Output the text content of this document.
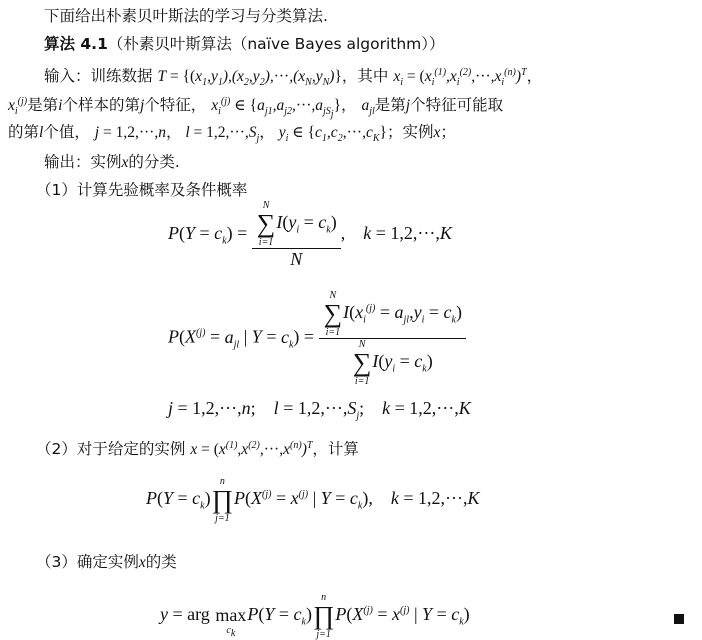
下面给出朴素贝叶斯法的学习与分类算法.
算法 4.1（朴素贝叶斯算法（naïve Bayes algorithm））
输入：训练数据 $T = \{(x_1,y_1),(x_2,y_2),\cdot\cdot\cdot,(x_N,y_N)\}$，其中 $x_i = (x_i^{(1)},x_i^{(2)},\cdot\cdot\cdot,x_i^{(n)})^T$，
$x_i^{(j)}$是第i个样本的第j个特征， $x_i^{(j)}$ ∈ $\{a_{j1},a_{j2},\cdot\cdot\cdot,a_{jS_j}\}$， $a_{jl}$是第j个特征可能取
的第l个值， j = 1,2,···,n， $l = 1,2,\cdot\cdot\cdot,S_j$， $y_i$ ∈ $\{c_1,c_2,\cdot\cdot\cdot,c_K\}$；实例x；
输出：实例x的分类.
（1）计算先验概率及条件概率
$P(Y = c_k) = N$
∑
i=1
$I(y_i = c_k)$
N ,    k = 1,2,···,K
$P(X^{(j)} = a_{jl}$ | $Y = c_k) = N$
∑
i=1
$I(x_i^{(j)} = a_{jl},y_i = c_k)$
N
∑
i=1
$I(y_i = c_k)$
j = 1,2,···,n;    $l = 1,2,\cdot\cdot\cdot,S_j$;    k = 1,2,···,K
（2）对于给定的实例 $x = (x^{(1)},x^{(2)},\cdot\cdot\cdot,x^{(n)})^T$，计算
$P(Y = c_k)$
n
∏
j=1
$P(X^{(j)} = x^{(j)}$ | $Y = c_k$),    k = 1,2,···,K
（3）确定实例x的类
y = arg
max
$c_k$
$P(Y = c_k)$
n
∏
j=1
$P(X^{(j)} = x^{(j)}$ | $Y = c_k$)
